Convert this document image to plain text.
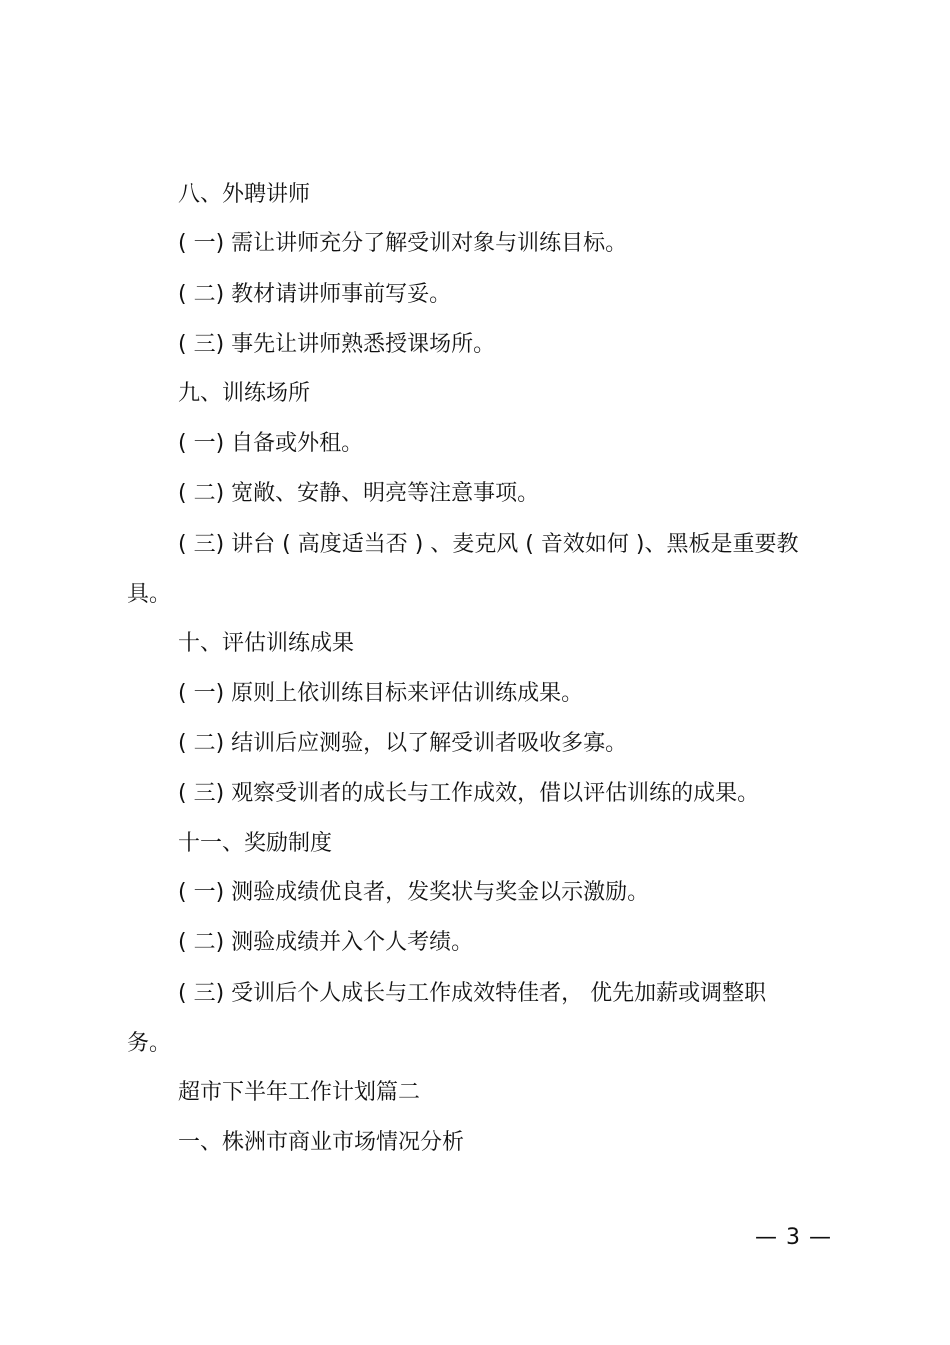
八、外聘讲师
( 一) 需让讲师充分了解受训对象与训练目标。
( 二) 教材请讲师事前写妥。
( 三) 事先让讲师熟悉授课场所。
九、训练场所
( 一) 自备或外租。
( 二) 宽敞、安静、明亮等注意事项。
( 三) 讲台 ( 高度适当否 ) 、麦克风 ( 音效如何 )、黑板是重要教
具。
十、评估训练成果
( 一) 原则上依训练目标来评估训练成果。
( 二) 结训后应测验，以了解受训者吸收多寡。
( 三) 观察受训者的成长与工作成效，借以评估训练的成果。
十一、奖励制度
( 一) 测验成绩优良者，发奖状与奖金以示激励。
( 二) 测验成绩并入个人考绩。
( 三) 受训后个人成长与工作成效特佳者， 优先加薪或调整职
务。
超市下半年工作计划篇二
一、株洲市商业市场情况分析
— 3 —
